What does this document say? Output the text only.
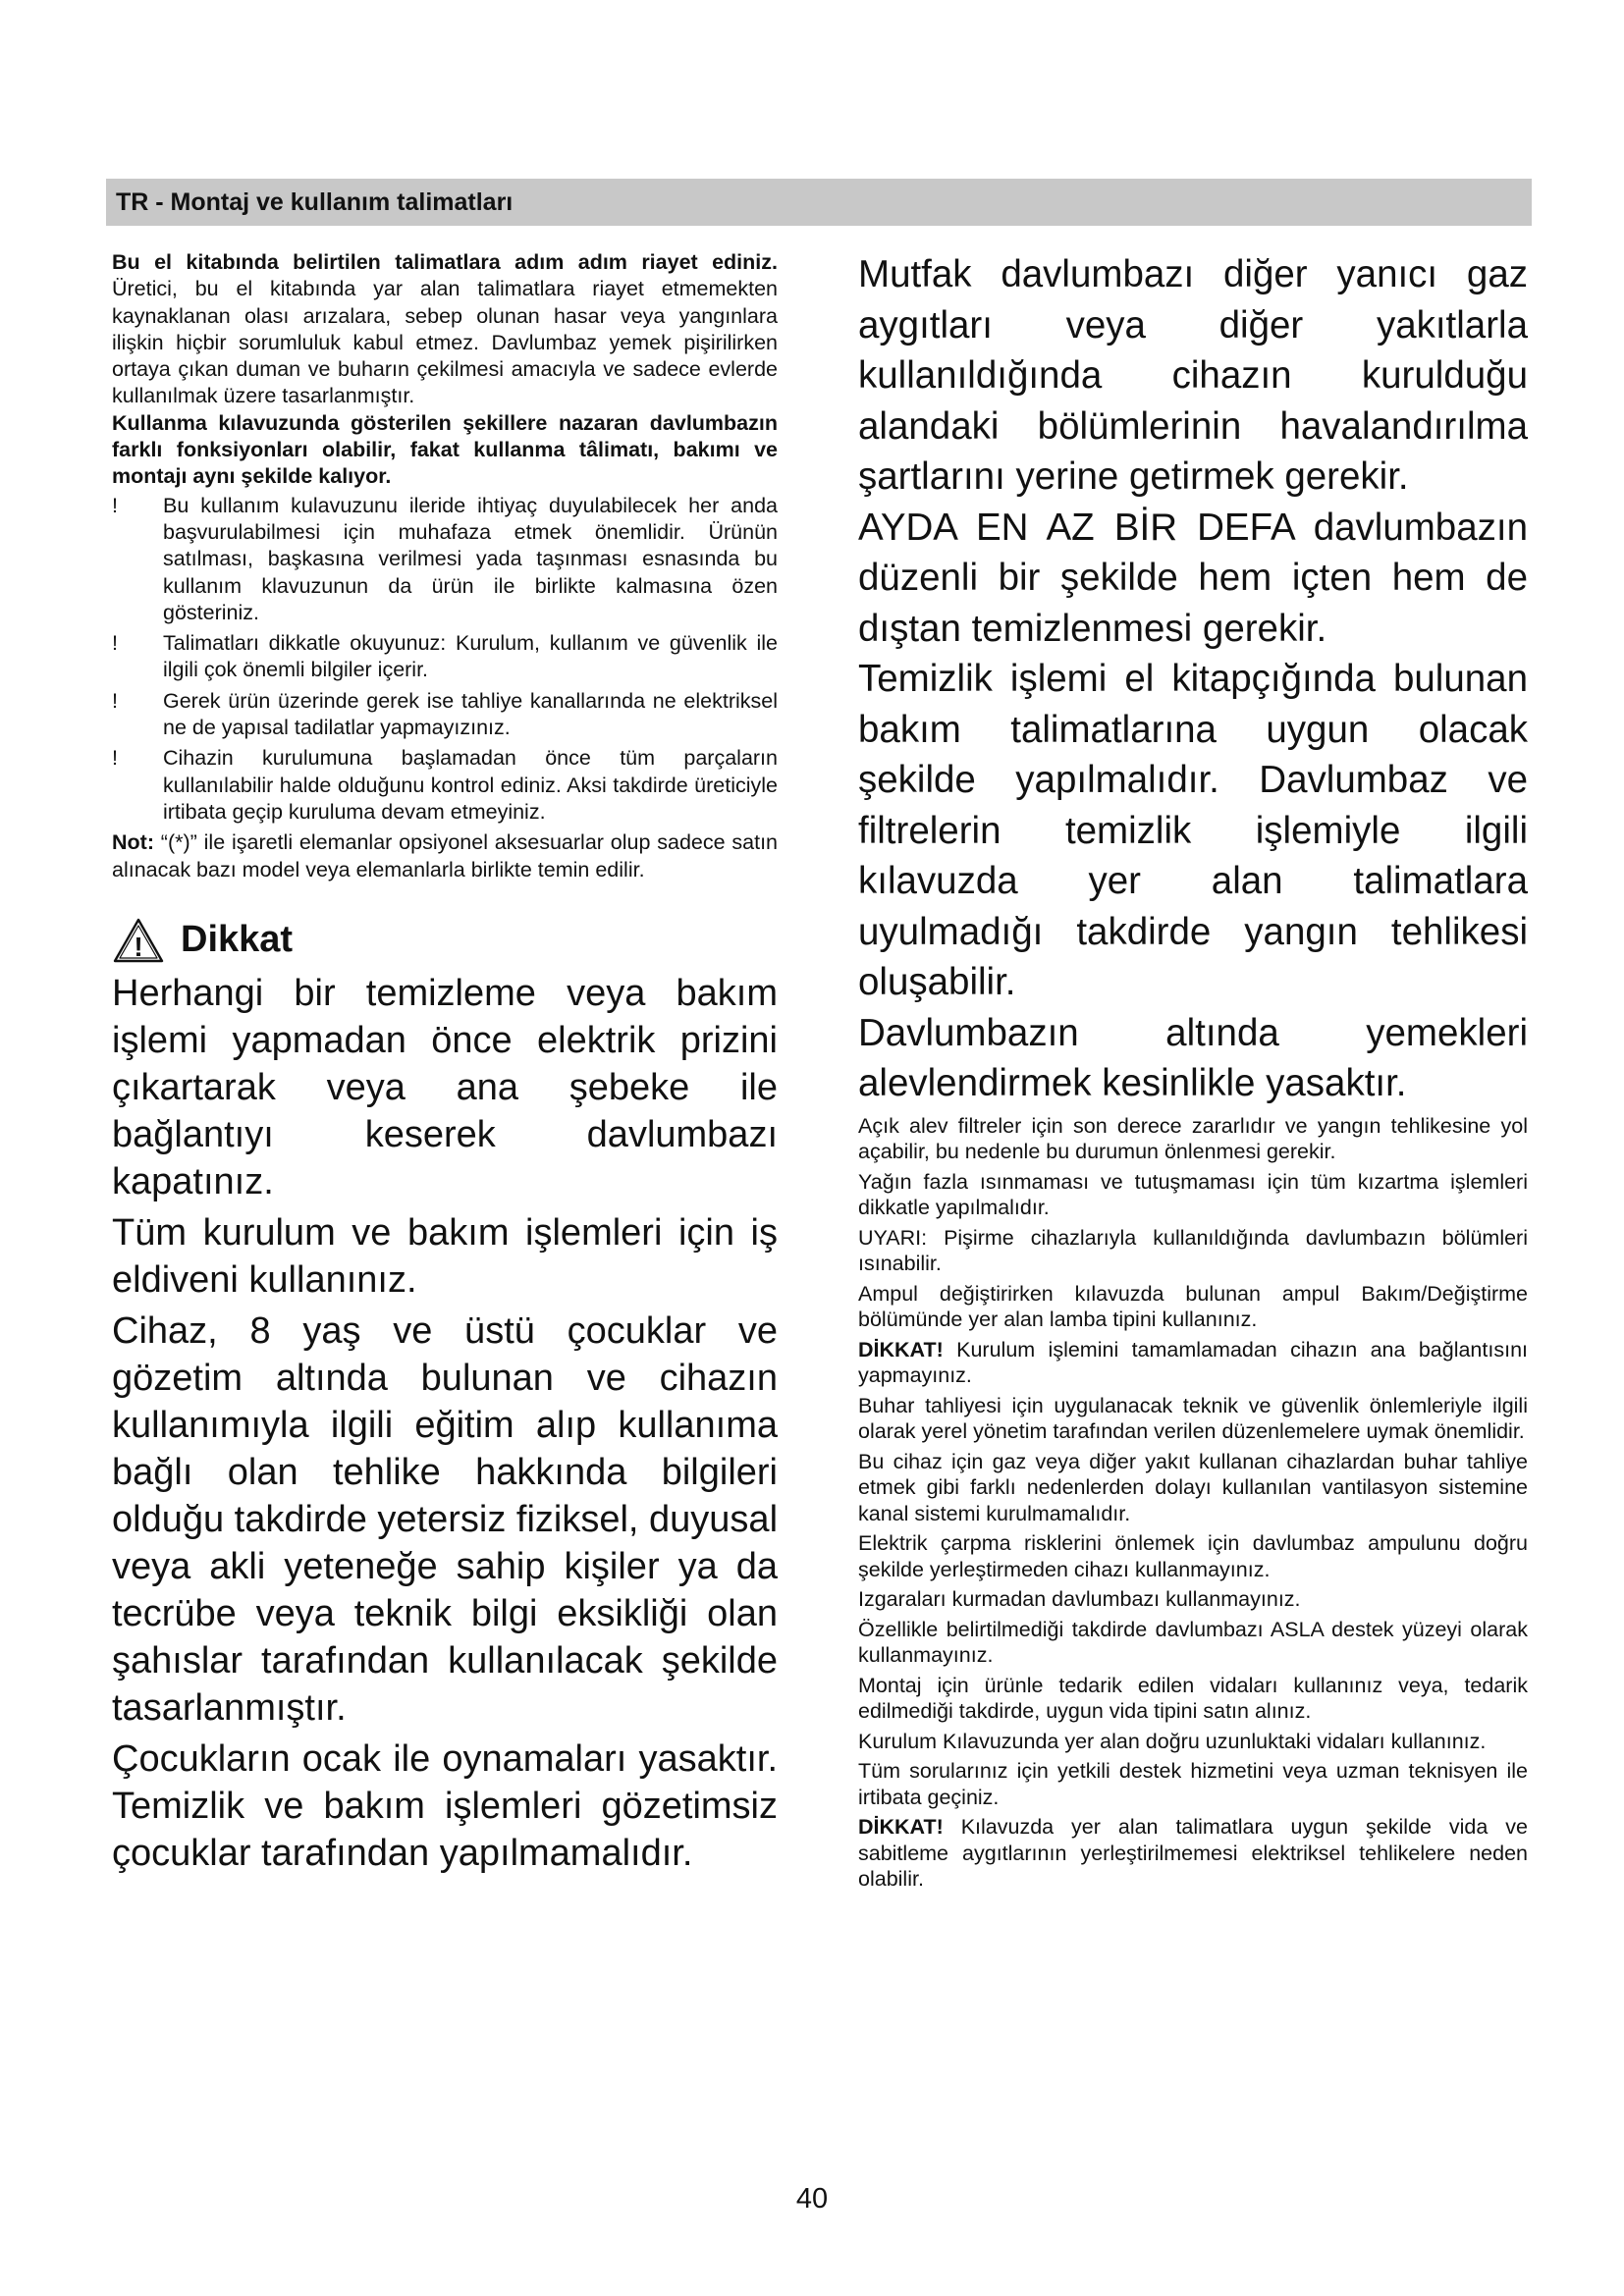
TR - Montaj ve kullanım talimatları

Bu el kitabında belirtilen talimatlara adım adım riayet ediniz. Üretici, bu el kitabında yar alan talimatlara riayet etmemekten kaynaklanan olası arızalara, sebep olunan hasar veya yangınlara ilişkin hiçbir sorumluluk kabul etmez. Davlumbaz yemek pişirilirken ortaya çıkan duman ve buharın çekilmesi amacıyla ve sadece evlerde kullanılmak üzere tasarlanmıştır.

Kullanma kılavuzunda gösterilen şekillere nazaran davlumbazın farklı fonksiyonları olabilir, fakat kullanma tâlimatı, bakımı ve montajı aynı şekilde kalıyor.

! Bu kullanım kulavuzunu ileride ihtiyaç duyulabilecek her anda başvurulabilmesi için muhafaza etmek önemlidir. Ürünün satılması, başkasına verilmesi yada taşınması esnasında bu kullanım klavuzunun da ürün ile birlikte kalmasına özen gösteriniz.

! Talimatları dikkatle okuyunuz: Kurulum, kullanım ve güvenlik ile ilgili çok önemli bilgiler içerir.

! Gerek ürün üzerinde gerek ise tahliye kanallarında ne elektriksel ne de yapısal tadilatlar yapmayızınız.

! Cihazin kurulumuna başlamadan önce tüm parçaların kullanılabilir halde olduğunu kontrol ediniz. Aksi takdirde üreticiyle irtibata geçip kuruluma devam etmeyiniz.

Not: “(*)” ile işaretli elemanlar opsiyonel aksesuarlar olup sadece satın alınacak bazı model veya elemanlarla birlikte temin edilir.

! Dikkat

Herhangi bir temizleme veya bakım işlemi yapmadan önce elektrik prizini çıkartarak veya ana şebeke ile bağlantıyı keserek davlumbazı kapatınız.

Tüm kurulum ve bakım işlemleri için iş eldiveni kullanınız.

Cihaz, 8 yaş ve üstü çocuklar ve gözetim altında bulunan ve cihazın kullanımıyla ilgili eğitim alıp kullanıma bağlı olan tehlike hakkında bilgileri olduğu takdirde yetersiz fiziksel, duyusal veya akli yeteneğe sahip kişiler ya da tecrübe veya teknik bilgi eksikliği olan şahıslar tarafından kullanılacak şekilde tasarlanmıştır.

Çocukların ocak ile oynamaları yasaktır. Temizlik ve bakım işlemleri gözetimsiz çocuklar tarafından yapılmamalıdır.

Mutfak davlumbazı diğer yanıcı gaz aygıtları veya diğer yakıtlarla kullanıldığında cihazın kurulduğu alandaki bölümlerinin havalandırılma şartlarını yerine getirmek gerekir.

AYDA EN AZ BİR DEFA davlumbazın düzenli bir şekilde hem içten hem de dıştan temizlenmesi gerekir.

Temizlik işlemi el kitapçığında bulunan bakım talimatlarına uygun olacak şekilde yapılmalıdır. Davlumbaz ve filtrelerin temizlik işlemiyle ilgili kılavuzda yer alan talimatlara uyulmadığı takdirde yangın tehlikesi oluşabilir.

Davlumbazın altında yemekleri alevlendirmek kesinlikle yasaktır.

Açık alev filtreler için son derece zararlıdır ve yangın tehlikesine yol açabilir, bu nedenle bu durumun önlenmesi gerekir.

Yağın fazla ısınmaması ve tutuşmaması için tüm kızartma işlemleri dikkatle yapılmalıdır.

UYARI: Pişirme cihazlarıyla kullanıldığında davlumbazın bölümleri ısınabilir.

Ampul değiştirirken kılavuzda bulunan ampul Bakım/Değiştirme bölümünde yer alan lamba tipini kullanınız.

DİKKAT! Kurulum işlemini tamamlamadan cihazın ana bağlantısını yapmayınız.

Buhar tahliyesi için uygulanacak teknik ve güvenlik önlemleriyle ilgili olarak yerel yönetim tarafından verilen düzenlemelere uymak önemlidir.

Bu cihaz için gaz veya diğer yakıt kullanan cihazlardan buhar tahliye etmek gibi farklı nedenlerden dolayı kullanılan vantilasyon sistemine kanal sistemi kurulmamalıdır.

Elektrik çarpma risklerini önlemek için davlumbaz ampulunu doğru şekilde yerleştirmeden cihazı kullanmayınız.

Izgaraları kurmadan davlumbazı kullanmayınız.

Özellikle belirtilmediği takdirde davlumbazı ASLA destek yüzeyi olarak kullanmayınız.

Montaj için ürünle tedarik edilen vidaları kullanınız veya, tedarik edilmediği takdirde, uygun vida tipini satın alınız.

Kurulum Kılavuzunda yer alan doğru uzunluktaki vidaları kullanınız.

Tüm sorularınız için yetkili destek hizmetini veya uzman teknisyen ile irtibata geçiniz.

DİKKAT! Kılavuzda yer alan talimatlara uygun şekilde vida ve sabitleme aygıtlarının yerleştirilmemesi elektriksel tehlikelere neden olabilir.

40
